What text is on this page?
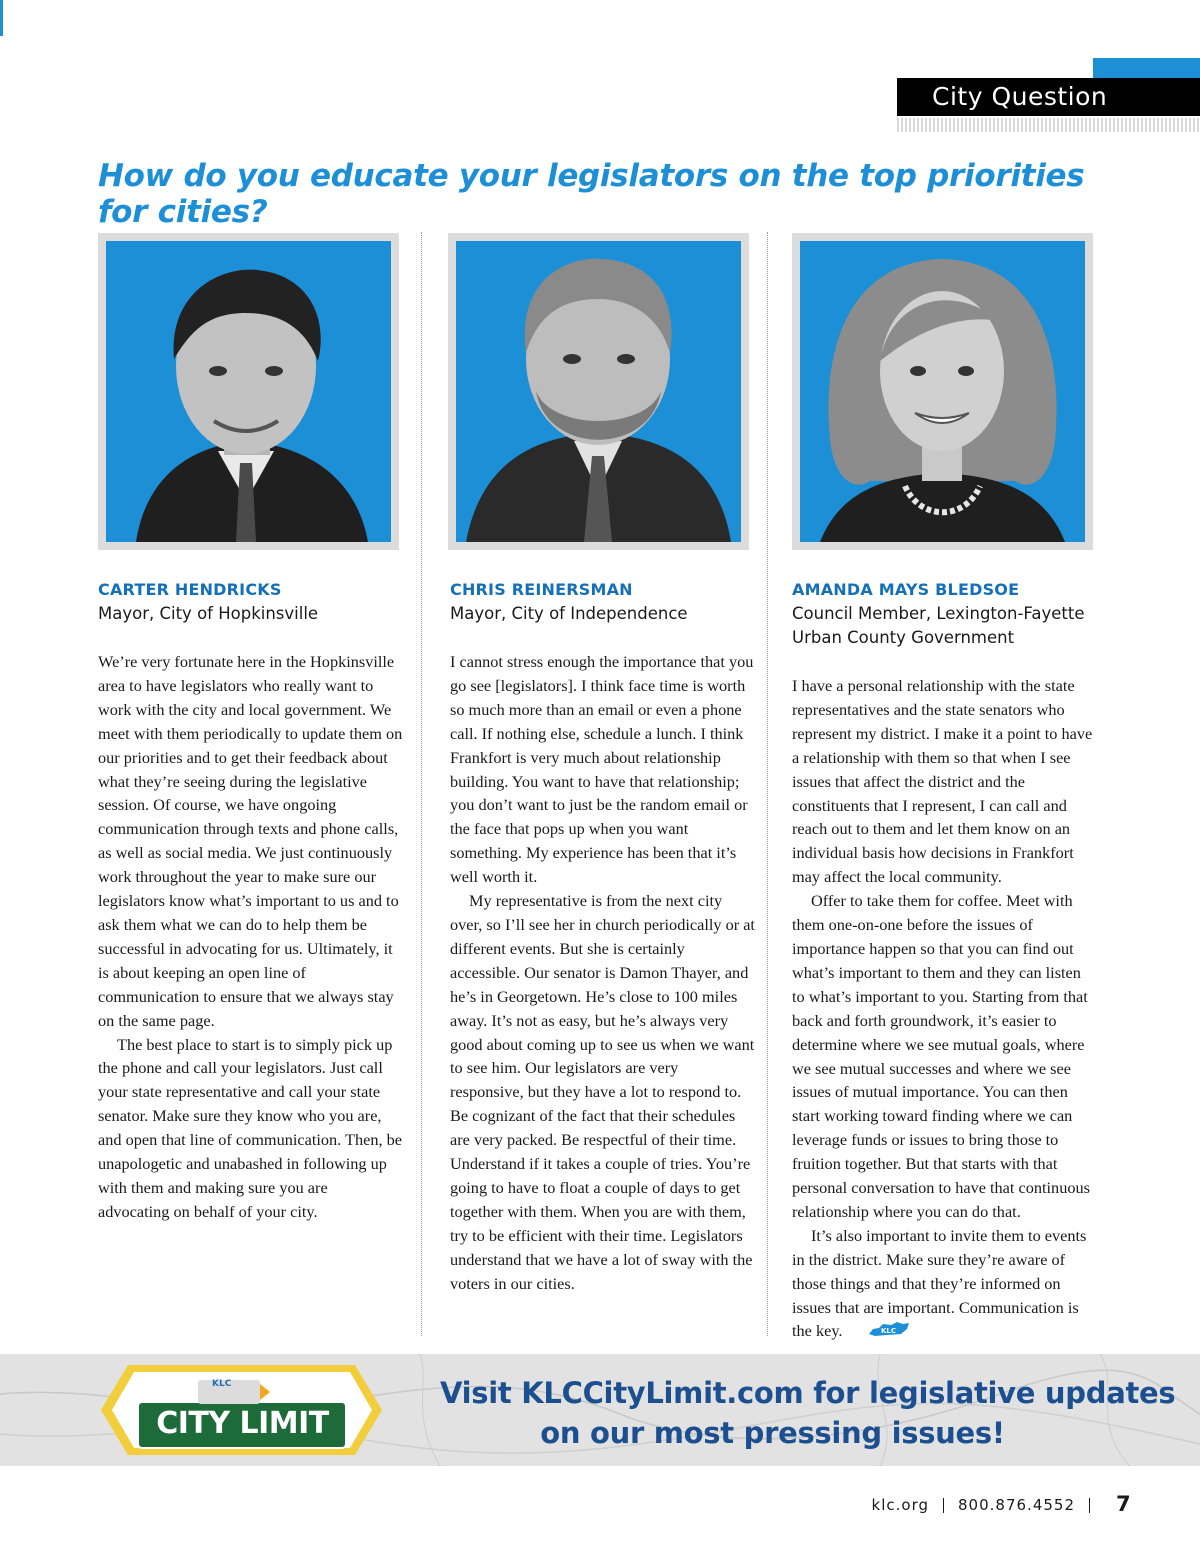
City Question
How do you educate your legislators on the top priorities for cities?

CARTER HENDRICKS

Mayor, City of Hopkinsville

We’re very fortunate here in the Hopkinsville area to have legislators who really want to work with the city and local government. We meet with them periodically to update them on our priorities and to get their feedback about what they’re seeing during the legislative session. Of course, we have ongoing communication through texts and phone calls, as well as social media. We just continuously work throughout the year to make sure our legislators know what’s important to us and to ask them what we can do to help them be successful in advocating for us. Ultimately, it is about keeping an open line of communication to ensure that we always stay on the same page.

The best place to start is to simply pick up the phone and call your legislators. Just call your state representative and call your state senator. Make sure they know who you are, and open that line of communication. Then, be unapologetic and unabashed in following up with them and making sure you are advocating on behalf of your city.

CHRIS REINERSMAN

Mayor, City of Independence

I cannot stress enough the importance that you go see [legislators]. I think face time is worth so much more than an email or even a phone call. If nothing else, schedule a lunch. I think Frankfort is very much about relationship building. You want to have that relationship; you don’t want to just be the random email or the face that pops up when you want something. My experience has been that it’s well worth it.

My representative is from the next city over, so I’ll see her in church periodically or at different events. But she is certainly accessible. Our senator is Damon Thayer, and he’s in Georgetown. He’s close to 100 miles away. It’s not as easy, but he’s always very good about coming up to see us when we want to see him. Our legislators are very responsive, but they have a lot to respond to. Be cognizant of the fact that their schedules are very packed. Be respectful of their time. Understand if it takes a couple of tries. You’re going to have to float a couple of days to get together with them. When you are with them, try to be efficient with their time. Legislators understand that we have a lot of sway with the voters in our cities.

AMANDA MAYS BLEDSOE

Council Member, Lexington-Fayette

Urban County Government

I have a personal relationship with the state representatives and the state senators who represent my district. I make it a point to have a relationship with them so that when I see issues that affect the district and the constituents that I represent, I can call and reach out to them and let them know on an individual basis how decisions in Frankfort may affect the local community.

Offer to take them for coffee. Meet with them one-on-one before the issues of importance happen so that you can find out what’s important to them and they can listen to what’s important to you. Starting from that back and forth groundwork, it’s easier to determine where we see mutual goals, where we see mutual successes and where we see issues of mutual importance. You can then start working toward finding where we can leverage funds or issues to bring those to fruition together. But that starts with that personal conversation to have that continuous relationship where you can do that.

It’s also important to invite them to events in the district. Make sure they’re aware of those things and that they’re informed on issues that are important. Communication is the key.	KLC

KLC
CITY LIMIT
Visit KLCCityLimit.com for legislative updates
on our most pressing issues!
klc.org 800.876.4552	7
